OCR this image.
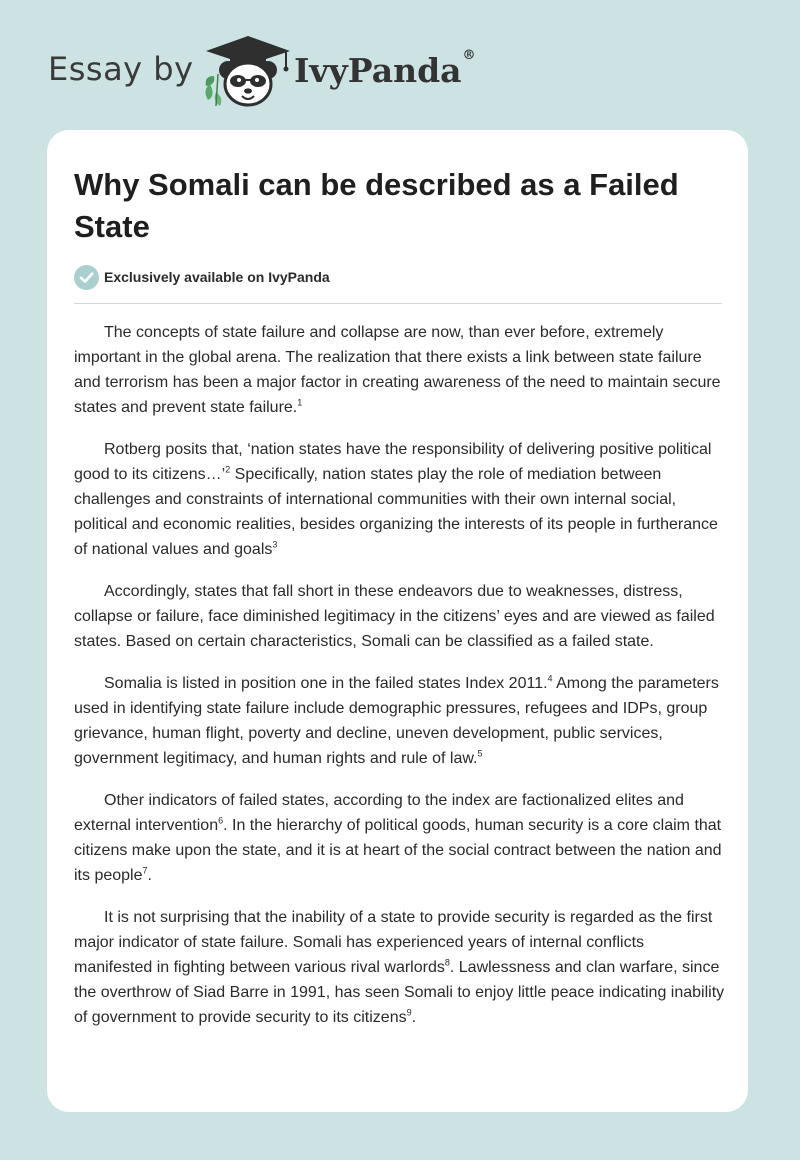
Essay by	IvyPanda®
Why Somali can be described as a Failed State
Exclusively available on IvyPanda

The concepts of state failure and collapse are now, than ever before, extremely important in the global arena. The realization that there exists a link between state failure and terrorism has been a major factor in creating awareness of the need to maintain secure states and prevent state failure.$^1$

Rotberg posits that, ‘nation states have the responsibility of delivering positive political good to its citizens…’$^2$ Specifically, nation states play the role of mediation between challenges and constraints of international communities with their own internal social, political and economic realities, besides organizing the interests of its people in furtherance of national values and goals$^3$

Accordingly, states that fall short in these endeavors due to weaknesses, distress, collapse or failure, face diminished legitimacy in the citizens’ eyes and are viewed as failed states. Based on certain characteristics, Somali can be classified as a failed state.

Somalia is listed in position one in the failed states Index 2011.$^4$ Among the parameters used in identifying state failure include demographic pressures, refugees and IDPs, group grievance, human flight, poverty and decline, uneven development, public services, government legitimacy, and human rights and rule of law.$^5$

Other indicators of failed states, according to the index are factionalized elites and external intervention$^6$. In the hierarchy of political goods, human security is a core claim that citizens make upon the state, and it is at heart of the social contract between the nation and its people$^7$.

It is not surprising that the inability of a state to provide security is regarded as the first major indicator of state failure. Somali has experienced years of internal conflicts manifested in fighting between various rival warlords$^8$. Lawlessness and clan warfare, since the overthrow of Siad Barre in 1991, has seen Somali to enjoy little peace indicating inability of government to provide security to its citizens$^9$.
